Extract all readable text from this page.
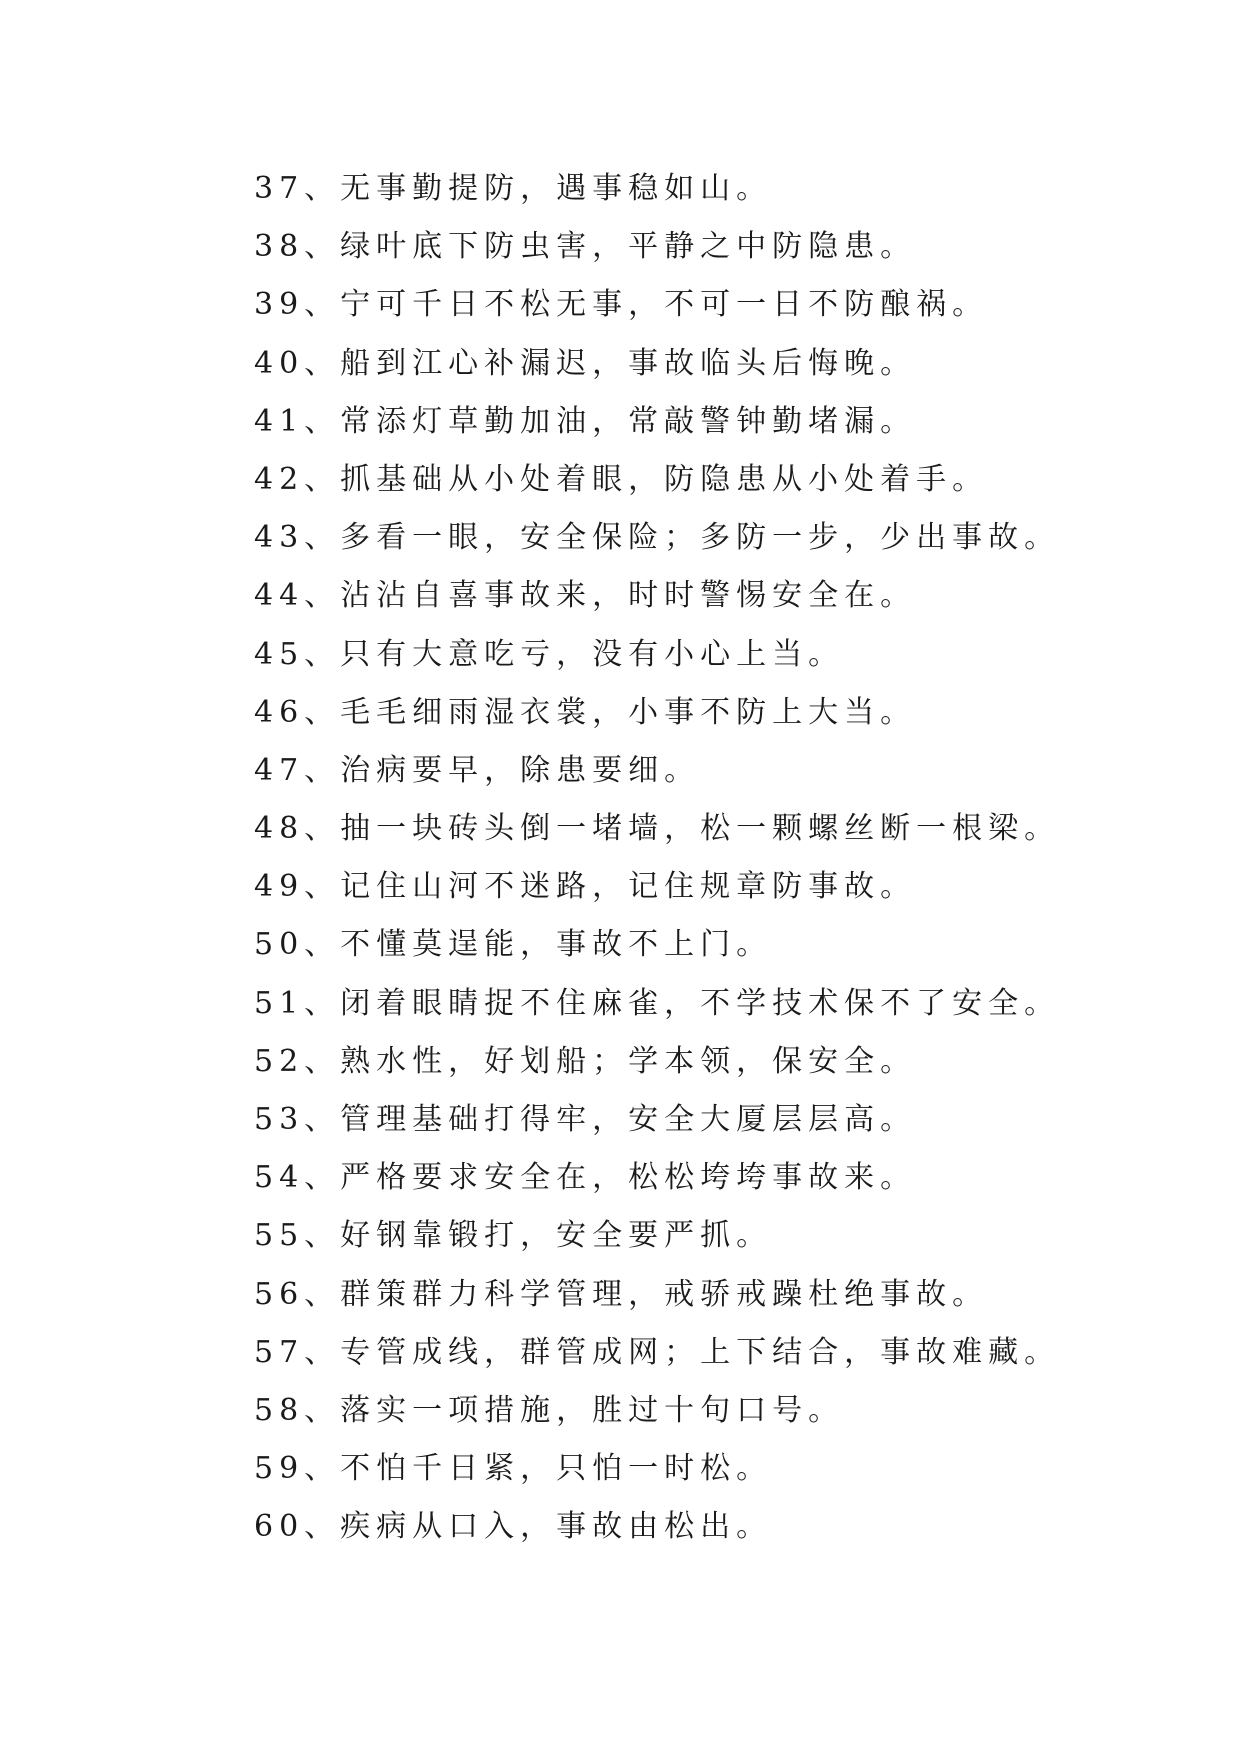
37、无事勤提防，遇事稳如山。
38、绿叶底下防虫害，平静之中防隐患。
39、宁可千日不松无事，不可一日不防酿祸。
40、船到江心补漏迟，事故临头后悔晚。
41、常添灯草勤加油，常敲警钟勤堵漏。
42、抓基础从小处着眼，防隐患从小处着手。
43、多看一眼，安全保险；多防一步，少出事故。
44、沾沾自喜事故来，时时警惕安全在。
45、只有大意吃亏，没有小心上当。
46、毛毛细雨湿衣裳，小事不防上大当。
47、治病要早，除患要细。
48、抽一块砖头倒一堵墙，松一颗螺丝断一根梁。
49、记住山河不迷路，记住规章防事故。
50、不懂莫逞能，事故不上门。
51、闭着眼睛捉不住麻雀，不学技术保不了安全。
52、熟水性，好划船；学本领，保安全。
53、管理基础打得牢，安全大厦层层高。
54、严格要求安全在，松松垮垮事故来。
55、好钢靠锻打，安全要严抓。
56、群策群力科学管理，戒骄戒躁杜绝事故。
57、专管成线，群管成网；上下结合，事故难藏。
58、落实一项措施，胜过十句口号。
59、不怕千日紧，只怕一时松。
60、疾病从口入，事故由松出。
